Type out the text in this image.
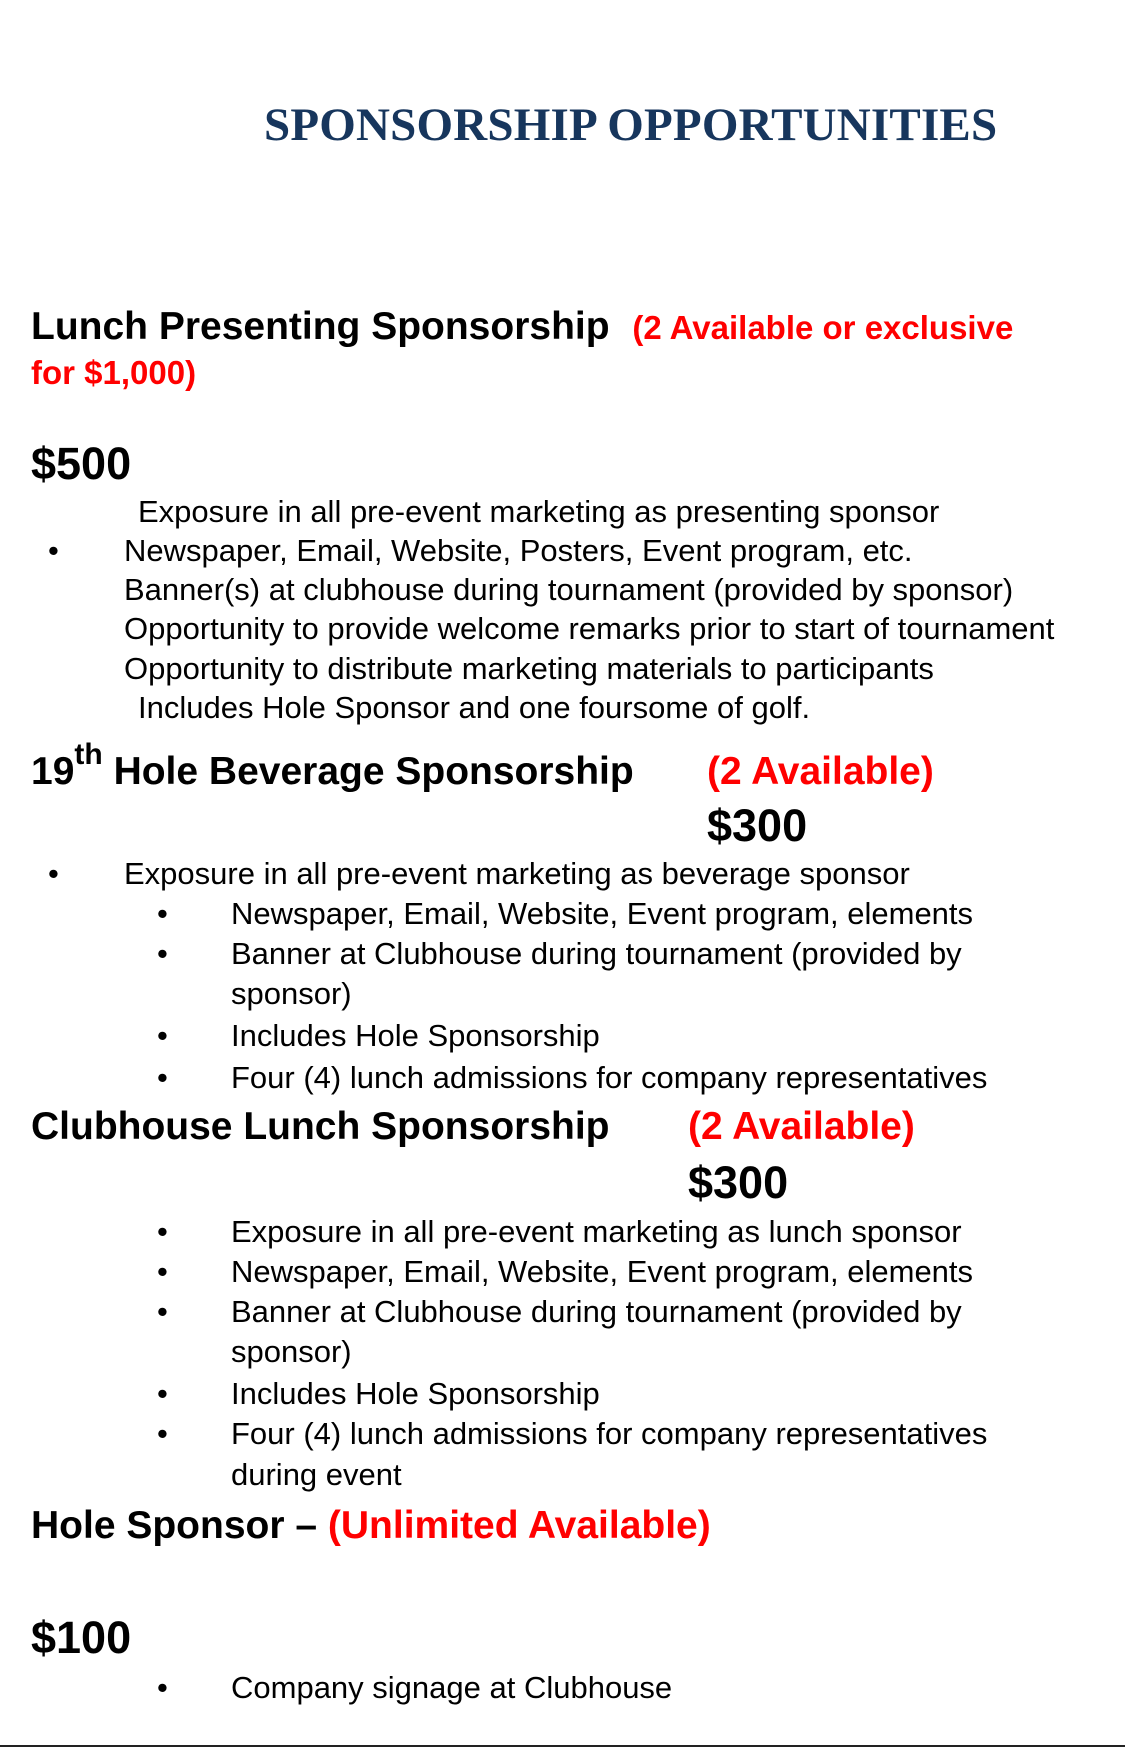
SPONSORSHIP OPPORTUNITIES
Lunch Presenting Sponsorship (2 Available or exclusive
for $1,000)
$500
Exposure in all pre-event marketing as presenting sponsor
• Newspaper, Email, Website, Posters, Event program, etc.
Banner(s) at clubhouse during tournament (provided by sponsor)
Opportunity to provide welcome remarks prior to start of tournament
Opportunity to distribute marketing materials to participants
Includes Hole Sponsor and one foursome of golf.
19th Hole Beverage Sponsorship (2 Available)
$300
• Exposure in all pre-event marketing as beverage sponsor
• Newspaper, Email, Website, Event program, elements
• Banner at Clubhouse during tournament (provided by
sponsor)
• Includes Hole Sponsorship
• Four (4) lunch admissions for company representatives
Clubhouse Lunch Sponsorship (2 Available)
$300
• Exposure in all pre-event marketing as lunch sponsor
• Newspaper, Email, Website, Event program, elements
• Banner at Clubhouse during tournament (provided by
sponsor)
• Includes Hole Sponsorship
• Four (4) lunch admissions for company representatives
during event
Hole Sponsor – (Unlimited Available)
$100
• Company signage at Clubhouse
